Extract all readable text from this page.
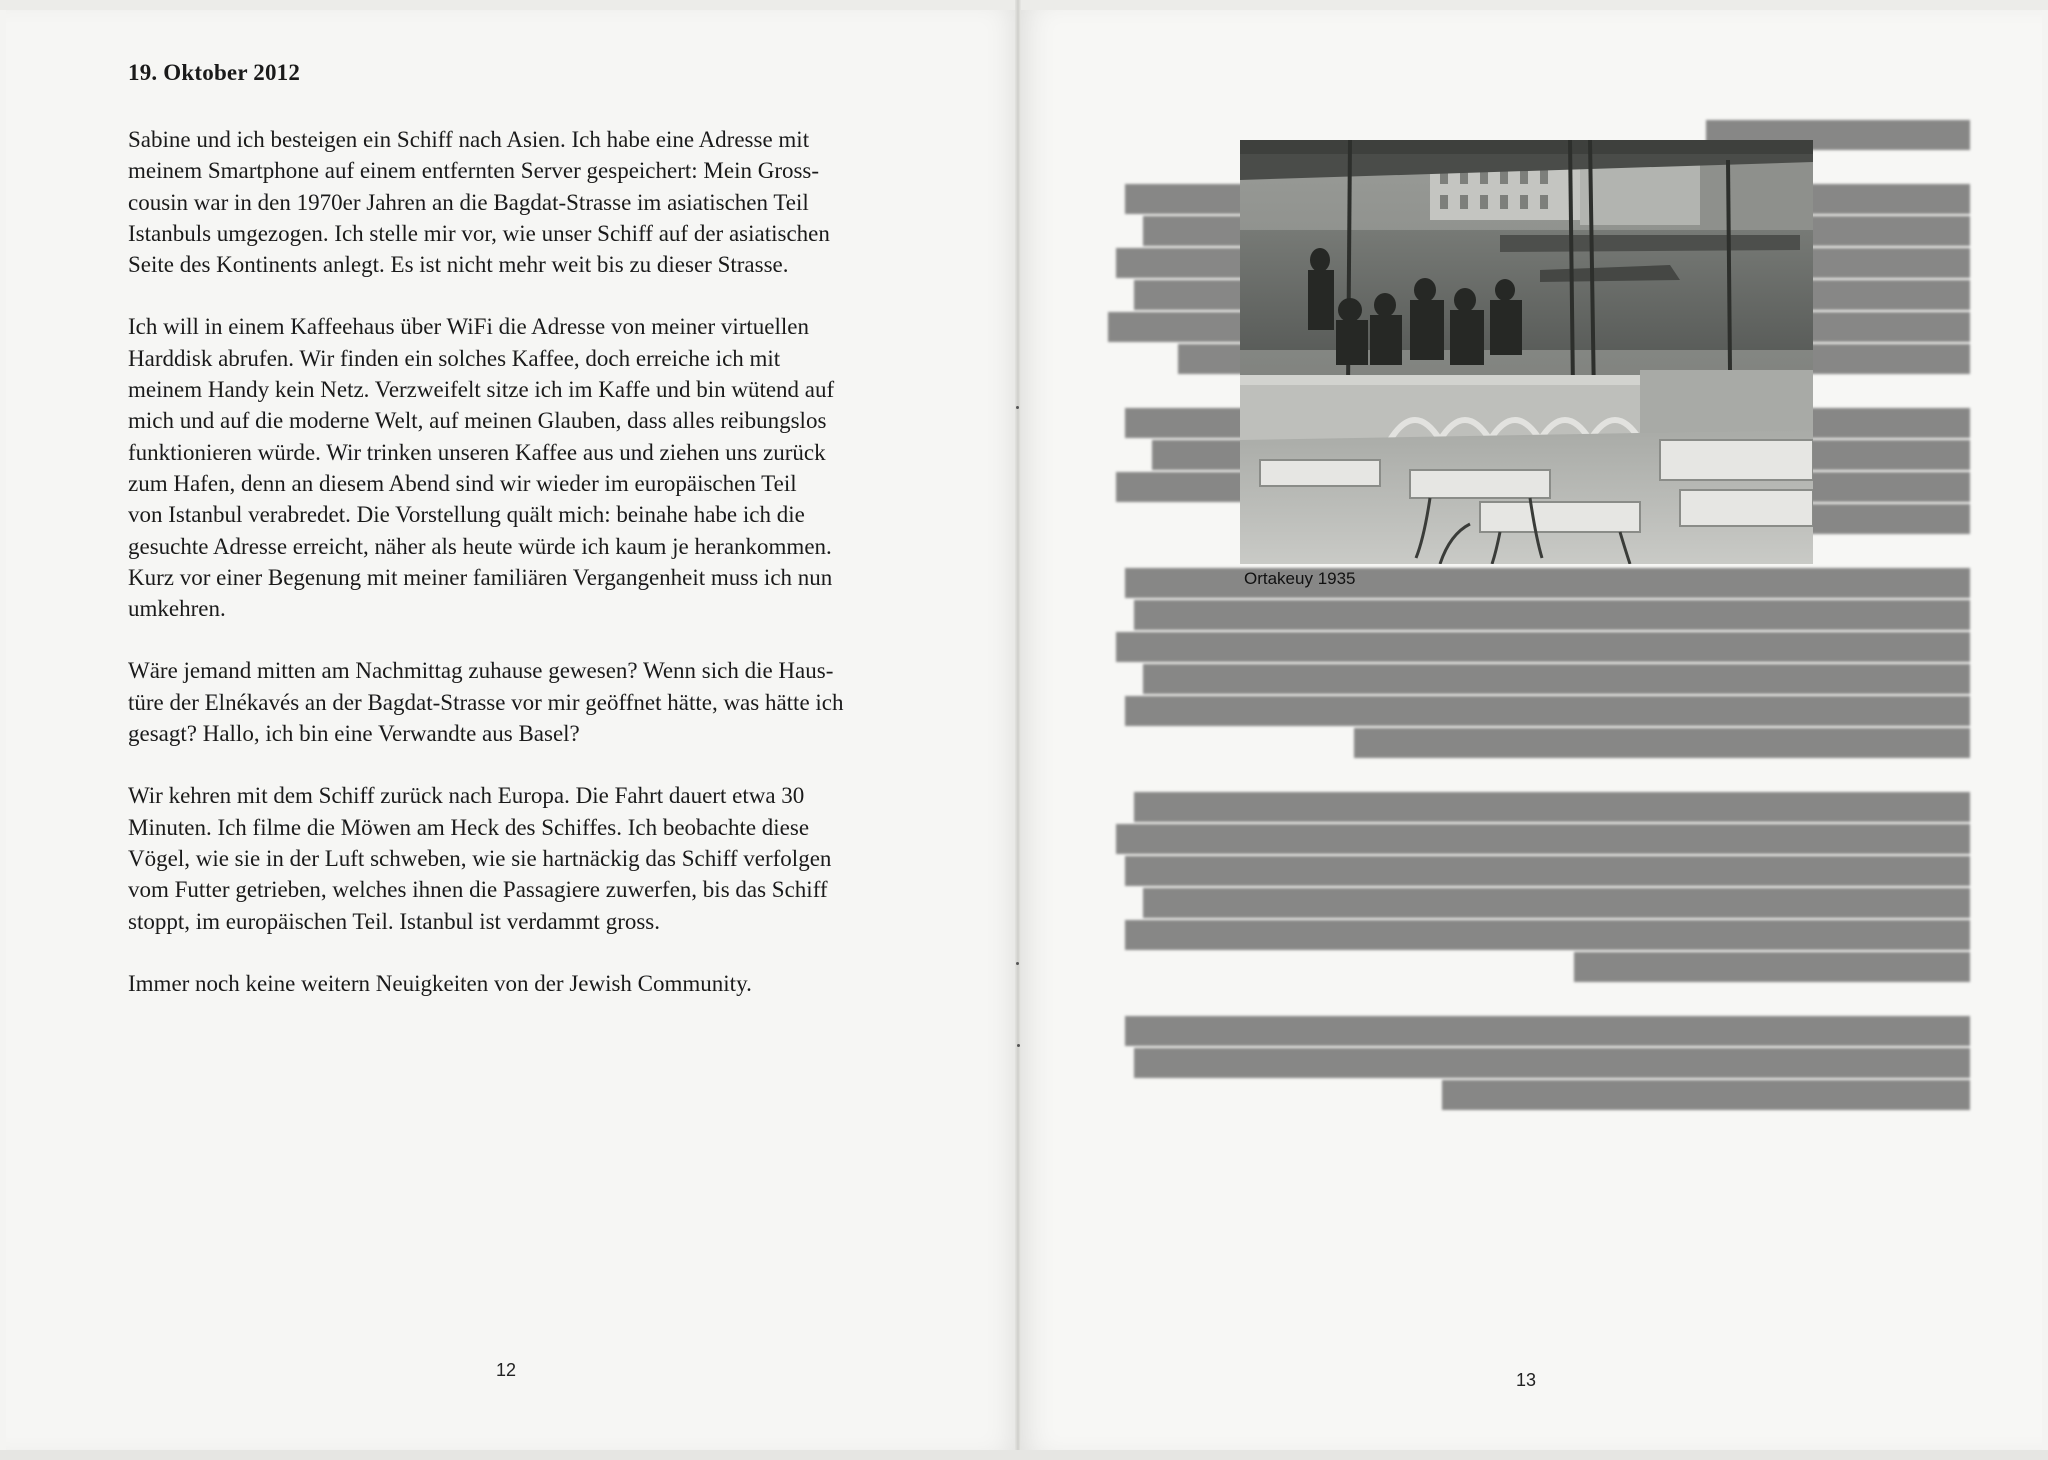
19. Oktober 2012

Sabine und ich besteigen ein Schiff nach Asien. Ich habe eine Adresse mit
meinem Smartphone auf einem entfernten Server gespeichert: Mein Gross-
cousin war in den 1970er Jahren an die Bagdat-Strasse im asiatischen Teil
Istanbuls umgezogen. Ich stelle mir vor, wie unser Schiff auf der asiatischen
Seite des Kontinents anlegt. Es ist nicht mehr weit bis zu dieser Strasse.

Ich will in einem Kaffeehaus über WiFi die Adresse von meiner virtuellen
Harddisk abrufen. Wir finden ein solches Kaffee, doch erreiche ich mit
meinem Handy kein Netz. Verzweifelt sitze ich im Kaffe und bin wütend auf
mich und auf die moderne Welt, auf meinen Glauben, dass alles reibungslos
funktionieren würde. Wir trinken unseren Kaffee aus und ziehen uns zurück
zum Hafen, denn an diesem Abend sind wir wieder im europäischen Teil
von Istanbul verabredet. Die Vorstellung quält mich: beinahe habe ich die
gesuchte Adresse erreicht, näher als heute würde ich kaum je herankommen.
Kurz vor einer Begenung mit meiner familiären Vergangenheit muss ich nun
umkehren.

Wäre jemand mitten am Nachmittag zuhause gewesen? Wenn sich die Haus-
türe der Elnékavés an der Bagdat-Strasse vor mir geöffnet hätte, was hätte ich
gesagt? Hallo, ich bin eine Verwandte aus Basel?

Wir kehren mit dem Schiff zurück nach Europa. Die Fahrt dauert etwa 30
Minuten. Ich filme die Möwen am Heck des Schiffes. Ich beobachte diese
Vögel, wie sie in der Luft schweben, wie sie hartnäckig das Schiff verfolgen
vom Futter getrieben, welches ihnen die Passagiere zuwerfen, bis das Schiff
stoppt, im europäischen Teil. Istanbul ist verdammt gross.

Immer noch keine weitern Neuigkeiten von der Jewish Community.

12
Ortakeuy 1935
13
